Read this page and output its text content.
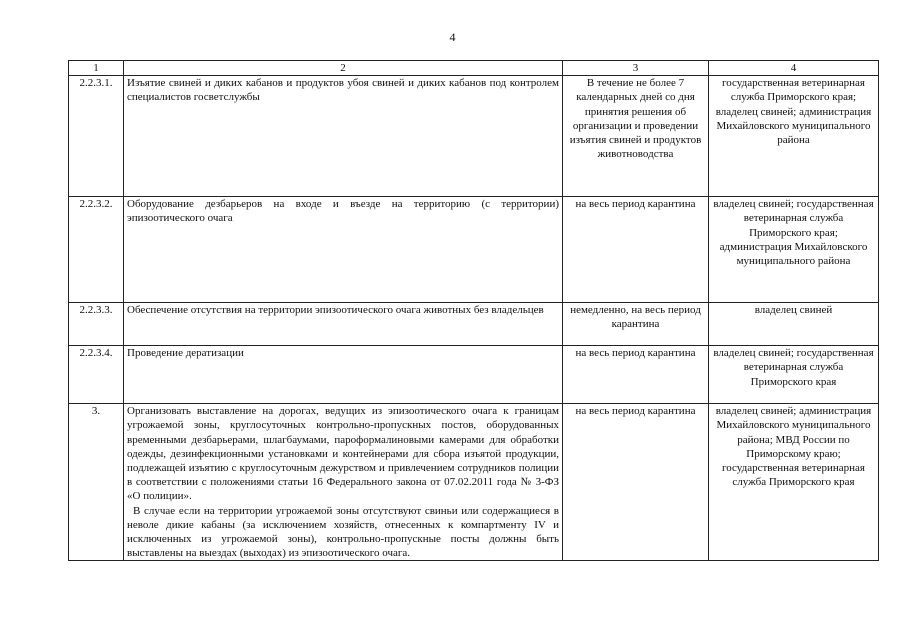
4
1	2	3	4
2.2.3.1.	Изъятие свиней и диких кабанов и продуктов убоя свиней и диких кабанов под контролем специалистов госветслужбы	В течение не более 7 календарных дней со дня принятия решения об организации и проведении изъятия свиней и продуктов животноводства	государственная ветеринарная служба Приморского края; владелец свиней; администрация Михайловского муниципального района
2.2.3.2.	Оборудование дезбарьеров на входе и въезде на территорию (с территории) эпизоотического очага	на весь период карантина	владелец свиней; государственная ветеринарная служба Приморского края; администрация Михайловского муниципального района
2.2.3.3.	Обеспечение отсутствия на территории эпизоотического очага животных без владельцев	немедленно, на весь период карантина	владелец свиней
2.2.3.4.	Проведение дератизации	на весь период карантина	владелец свиней; государственная ветеринарная служба Приморского края
3.	Организовать выставление на дорогах, ведущих из эпизоотического очага к границам угрожаемой зоны, круглосуточных контрольно-пропускных постов, оборудованных временными дезбарьерами, шлагбаумами, пароформалиновыми камерами для обработки одежды, дезинфекционными установками и контейнерами для сбора изъятой продукции, подлежащей изъятию с круглосуточным дежурством и привлечением сотрудников полиции в соответствии с положениями статьи 16 Федерального закона от 07.02.2011 года № 3-ФЗ «О полиции».
В случае если на территории угрожаемой зоны отсутствуют свиньи или содержащиеся в неволе дикие кабаны (за исключением хозяйств, отнесенных к компартменту IV и исключенных из угрожаемой зоны), контрольно-пропускные посты должны быть выставлены на выездах (выходах) из эпизоотического очага.	на весь период карантина	владелец свиней; администрация Михайловского муниципального района; МВД России по Приморскому краю; государственная ветеринарная служба Приморского края
